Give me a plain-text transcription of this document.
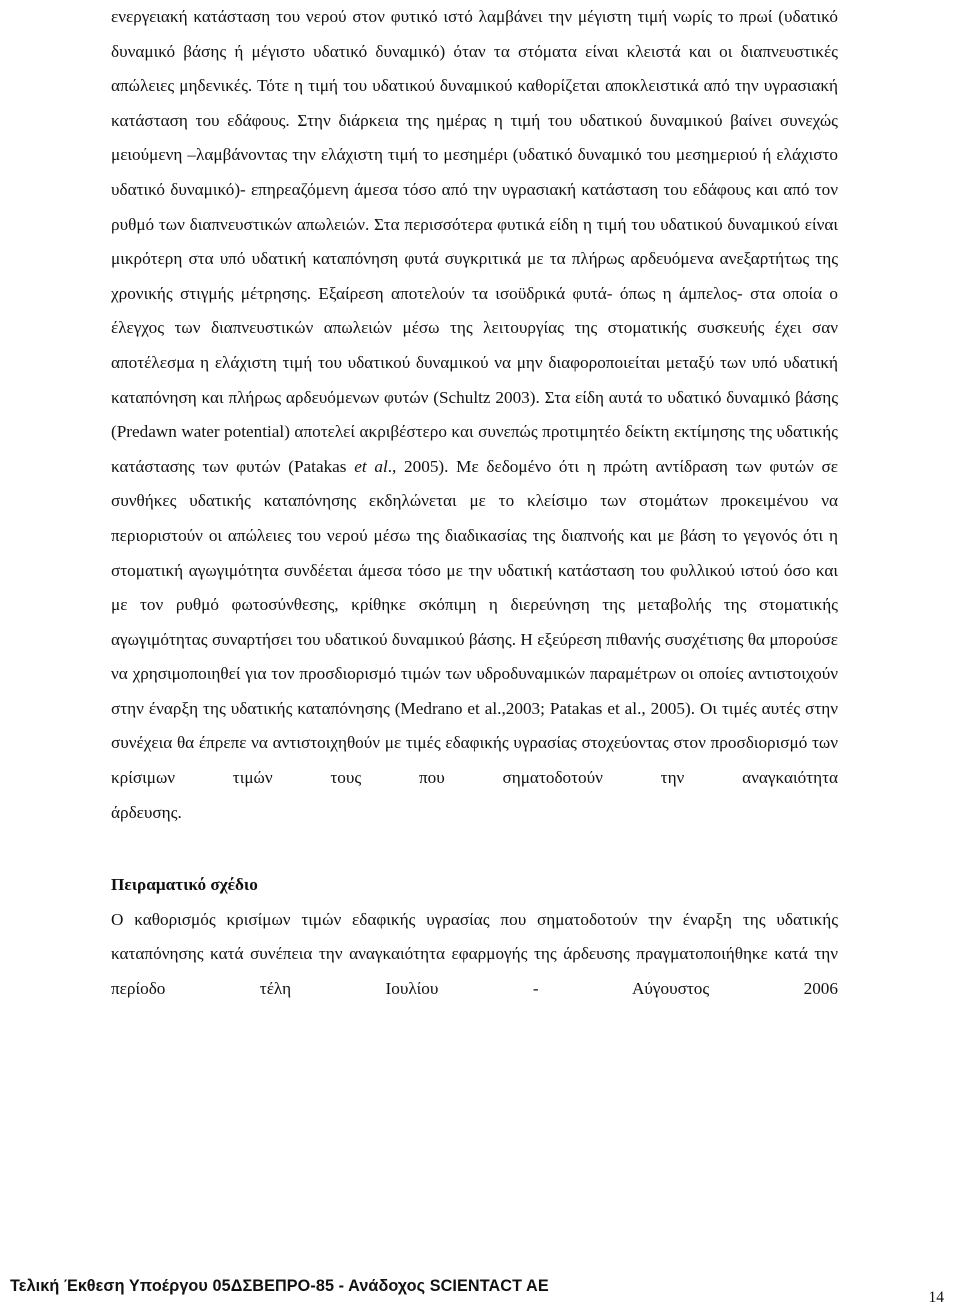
ενεργειακή κατάσταση του νερού στον φυτικό ιστό λαμβάνει την μέγιστη τιμή νωρίς το πρωί (υδατικό δυναμικό βάσης ή μέγιστο υδατικό δυναμικό) όταν τα στόματα είναι κλειστά και οι διαπνευστικές απώλειες μηδενικές. Τότε η τιμή του υδατικού δυναμικού καθορίζεται αποκλειστικά από την υγρασιακή κατάσταση του εδάφους. Στην διάρκεια της ημέρας η τιμή του υδατικού δυναμικού βαίνει συνεχώς μειούμενη –λαμβάνοντας την ελάχιστη τιμή το μεσημέρι (υδατικό δυναμικό του μεσημεριού ή ελάχιστο υδατικό δυναμικό)- επηρεαζόμενη άμεσα τόσο από την υγρασιακή κατάσταση του εδάφους και από τον ρυθμό των διαπνευστικών απωλειών. Στα περισσότερα φυτικά είδη η τιμή του υδατικού δυναμικού είναι μικρότερη στα υπό υδατική καταπόνηση φυτά συγκριτικά με τα πλήρως αρδευόμενα ανεξαρτήτως της χρονικής στιγμής μέτρησης. Εξαίρεση αποτελούν τα ισοϋδρικά φυτά- όπως η άμπελος- στα οποία ο έλεγχος των διαπνευστικών απωλειών μέσω της λειτουργίας της στοματικής συσκευής έχει σαν αποτέλεσμα η ελάχιστη τιμή του υδατικού δυναμικού να μην διαφοροποιείται μεταξύ των υπό υδατική καταπόνηση και πλήρως αρδευόμενων φυτών (Schultz 2003). Στα είδη αυτά το υδατικό δυναμικό βάσης (Predawn water potential) αποτελεί ακριβέστερο και συνεπώς προτιμητέο δείκτη εκτίμησης της υδατικής κατάστασης των φυτών (Patakas et al., 2005). Με δεδομένο ότι η πρώτη αντίδραση των φυτών σε συνθήκες υδατικής καταπόνησης εκδηλώνεται με το κλείσιμο των στομάτων προκειμένου να περιοριστούν οι απώλειες του νερού μέσω της διαδικασίας της διαπνοής και με βάση το γεγονός ότι η στοματική αγωγιμότητα συνδέεται άμεσα τόσο με την υδατική κατάσταση του φυλλικού ιστού όσο και με τον ρυθμό φωτοσύνθεσης, κρίθηκε σκόπιμη η διερεύνηση της μεταβολής της στοματικής αγωγιμότητας συναρτήσει του υδατικού δυναμικού βάσης. Η εξεύρεση πιθανής συσχέτισης θα μπορούσε να χρησιμοποιηθεί για τον προσδιορισμό τιμών των υδροδυναμικών παραμέτρων οι οποίες αντιστοιχούν στην έναρξη της υδατικής καταπόνησης (Medrano et al.,2003; Patakas et al., 2005). Οι τιμές αυτές στην συνέχεια θα έπρεπε να αντιστοιχηθούν με τιμές εδαφικής υγρασίας στοχεύοντας στον προσδιορισμό των κρίσιμων τιμών τους που σηματοδοτούν την αναγκαιότητα
άρδευσης.

Πειραματικό σχέδιο

Ο καθορισμός κρισίμων τιμών εδαφικής υγρασίας που σηματοδοτούν την έναρξη της υδατικής καταπόνησης κατά συνέπεια την αναγκαιότητα εφαρμογής της άρδευσης πραγματοποιήθηκε κατά την περίοδο τέλη Ιουλίου - Αύγουστος 2006

Τελική Έκθεση Υποέργου 05ΔΣΒΕΠΡΟ-85 - Ανάδοχος SCIENTACT AE
14
